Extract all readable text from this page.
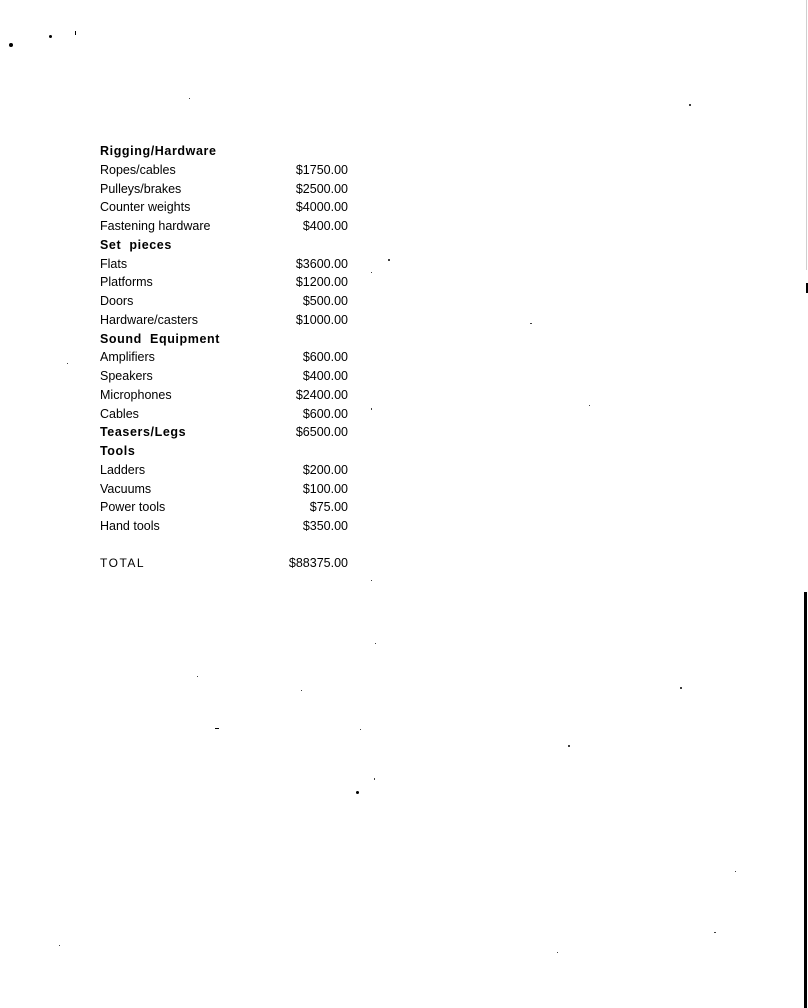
Rigging/Hardware
Ropes/cables	$1750.00
Pulleys/brakes	$2500.00
Counter weights	$4000.00
Fastening hardware	$400.00
Set  pieces
Flats	$3600.00
Platforms	$1200.00
Doors	$500.00
Hardware/casters	$1000.00
Sound  Equipment
Amplifiers	$600.00
Speakers	$400.00
Microphones	$2400.00
Cables	$600.00
Teasers/Legs	$6500.00
Tools
Ladders	$200.00
Vacuums	$100.00
Power tools	$75.00
Hand tools	$350.00
TOTAL	$88375.00
